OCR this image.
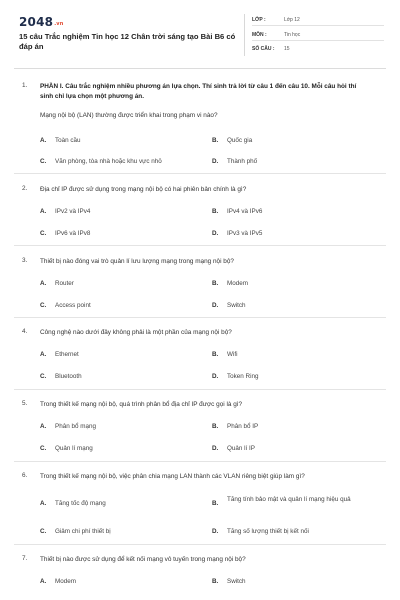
$2048^{.vn}$
15 câu Trắc nghiệm Tin học 12 Chân trời sáng tạo Bài B6 có đáp án
LỚP :	Lớp 12
MÔN :	Tin học
SỐ CÂU : 15
1. PHẦN I. Câu trắc nghiệm nhiều phương án lựa chọn. Thí sinh trả lời từ câu 1 đến câu 10. Mỗi câu hỏi thí sinh chỉ lựa chọn một phương án.
Mạng nội bộ (LAN) thường được triển khai trong phạm vi nào?
A. Toàn cầu	B. Quốc gia
C. Văn phòng, tòa nhà hoặc khu vực nhỏ	D. Thành phố
2. Địa chỉ IP được sử dụng trong mạng nội bộ có hai phiên bản chính là gì?
A. IPv2 và IPv4	B. IPv4 và IPv6
C. IPv6 và IPv8	D. IPv3 và IPv5
3. Thiết bị nào đóng vai trò quản lí lưu lượng mạng trong mạng nội bộ?
A. Router	B. Modem
C. Access point	D. Switch
4. Công nghệ nào dưới đây không phải là một phần của mạng nội bộ?
A. Ethernet	B. Wifi
C. Bluetooth	D. Token Ring
5. Trong thiết kế mạng nội bộ, quá trình phân bổ địa chỉ IP được gọi là gì?
A. Phân bổ mạng	B. Phân bổ IP
C. Quản lí mạng	D. Quản lí IP
6. Trong thiết kế mạng nội bộ, việc phân chia mạng LAN thành các VLAN riêng biệt giúp làm gì?
A. Tăng tốc độ mạng	B.
Tăng tính bảo mật và quản lí mạng hiệu quả
C. Giảm chi phí thiết bị	D. Tăng số lượng thiết bị kết nối
7. Thiết bị nào được sử dụng để kết nối mạng vô tuyến trong mạng nội bộ?
A. Modem	B. Switch
